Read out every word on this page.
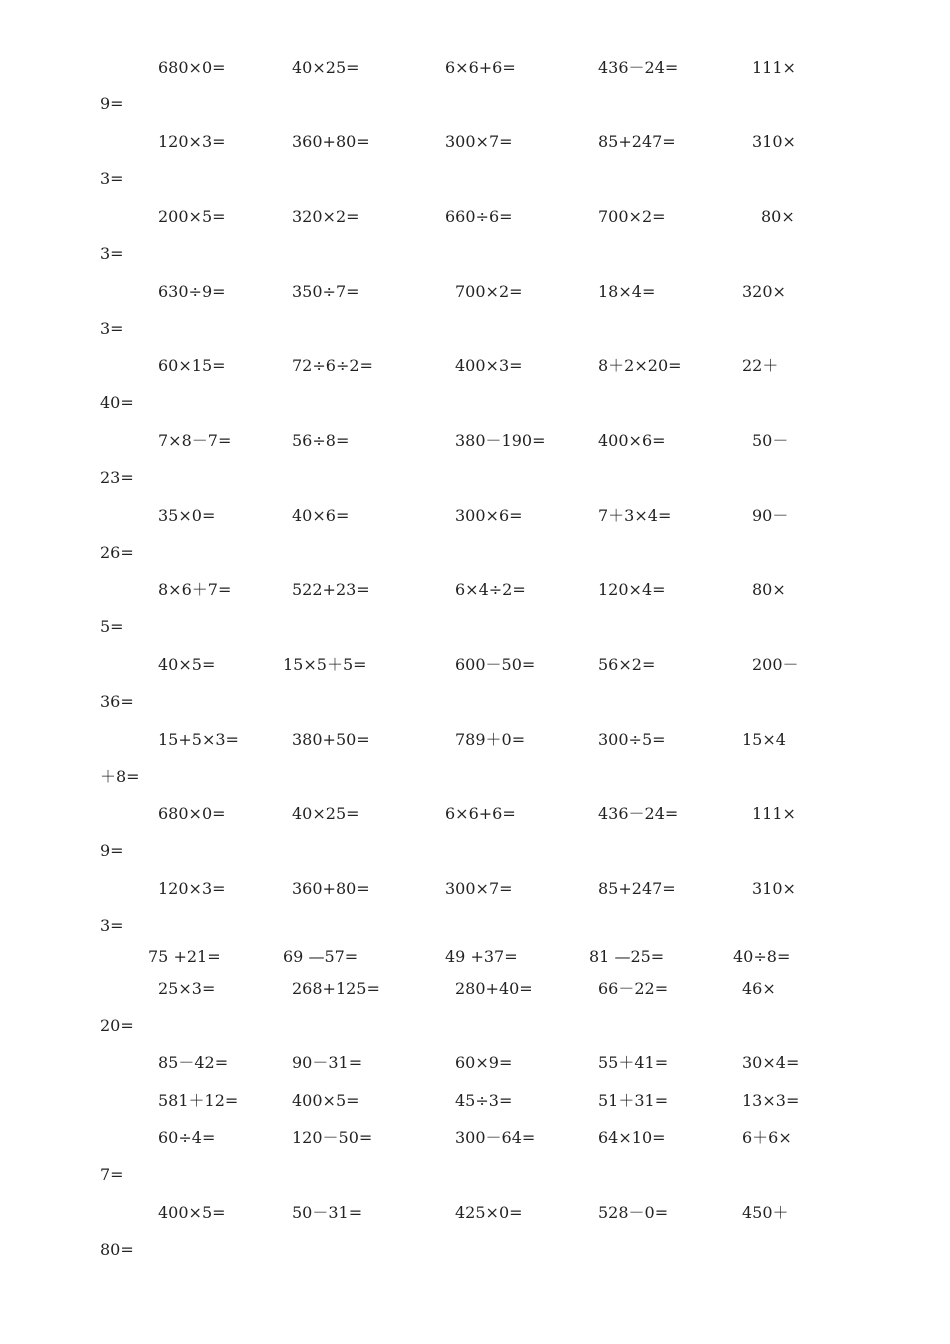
680×0=	40×25=	6×6+6=	436－24=	111×
9=
120×3=	360+80=	300×7=	85+247=	310×
3=
200×5=	320×2=	660÷6=	700×2=	80×
3=
630÷9=	350÷7=	700×2=	18×4=	320×
3=
60×15=	72÷6÷2=	400×3=	8＋2×20=	22＋
40=
7×8－7=	56÷8=	380－190=	400×6=	50－
23=
35×0=	40×6=	300×6=	7＋3×4=	90－
26=
8×6＋7=	522+23=	6×4÷2=	120×4=	80×
5=
40×5=	15×5＋5=	600－50=	56×2=	200－
36=
15+5×3=	380+50=	789＋0=	300÷5=	15×4
＋8=
680×0=	40×25=	6×6+6=	436－24=	111×
9=
120×3=	360+80=	300×7=	85+247=	310×
3=
75 +21=	69 —57=	49 +37=	81 —25=	40÷8=
25×3=	268+125=	280+40=	66－22=	46×
20=
85－42=	90－31=	60×9=	55＋41=	30×4=
581＋12=	400×5=	45÷3=	51＋31=	13×3=
60÷4=	120－50=	300－64=	64×10=	6＋6×
7=
400×5=	50－31=	425×0=	528－0=	450＋
80=
